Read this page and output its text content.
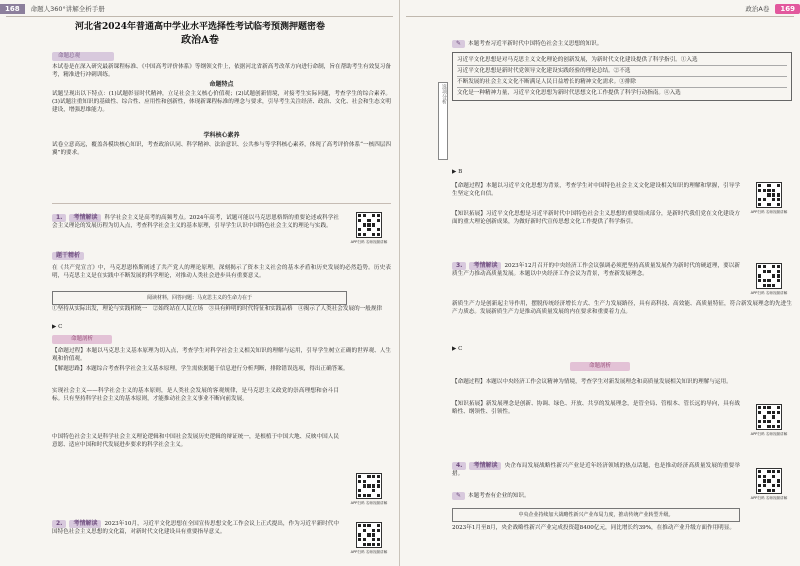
168	命题人360°讲解全析手册
河北省2024年普通高中学业水平选择性考试临考预测押题密卷
政治A卷
命题总观
本试卷是在深入研究最新课程标准、《中国高考评价体系》等纲领文件上，依据河北省新高考改革方向进行命制，旨在帮助考生有效复习备考，精准进行冲刺训练。
命题特点
试题呈现出以下特点：(1)试题彰显时代精神，立足社会主义核心价值观；(2)试题创新情境，对接考生实际问题，考查学生的综合素养。(3)试题注重知识的基础性、综合性、应用性和创新性，体现新课程标准的理念与要求，引导考生关注经济、政治、文化、社会和生态文明建设，增强思维能力。
学科核心素养
试卷立意高远，覆盖各模块核心知识，考查政治认同、科学精神、法治意识、公共参与等学科核心素养，体现了高考评价体系“一核四层四翼”的要求。
1. 考情解读 科学社会主义是高考的高频考点。2024年高考，试题可能以马克思恩格斯的重要论述或科学社会主义理论的发展历程为切入点，考查科学社会主义的基本原理，引导学生认识中国特色社会主义的理论与实践。
APP扫码 名师视频讲解
题干精析
在《共产党宣言》中，马克思恩格斯阐述了共产党人的理论原理，深刻揭示了资本主义社会的基本矛盾和历史发展的必然趋势。历史表明，马克思主义是在实践中不断发展的科学理论，对推动人类社会进步具有重要意义。
阅读材料，回答问题：马克思主义的生命力在于
①坚持从实际出发，理论与实践相统一　②始终站在人民立场　③具有鲜明的时代特征和实践品格　④揭示了人类社会发展的一般规律
▶ C
命题剖析
【命题过程】本题以马克思主义基本原理为切入点，考查学生对科学社会主义相关知识的理解与运用，引导学生树立正确的世界观、人生观和价值观。
【解题思路】本题综合考查科学社会主义基本原理，学生需依据题干信息进行分析判断，排除错误选项，得出正确答案。
实现社会主义——科学社会主义的基本原则，是人类社会发展的客观规律，是马克思主义政党的崇高理想和奋斗目标。只有坚持科学社会主义的基本原则，才能推动社会主义事业不断向前发展。
中国特色社会主义是科学社会主义理论逻辑和中国社会发展历史逻辑的辩证统一，是根植于中国大地、反映中国人民意愿、适应中国和时代发展进步要求的科学社会主义。
APP扫码 名师视频讲解
2. 考情解读 2023年10月，习近平文化思想在全国宣传思想文化工作会议上正式提出，作为习近平新时代中国特色社会主义思想的文化篇，对新时代文化建设具有重要指导意义。
APP扫码 名师视频讲解
政治A卷	169
✎ 本题考查习近平新时代中国特色社会主义思想的知识。
选项分析
习近平文化思想是对马克思主义文化理论的创新发展，为新时代文化建设提供了科学指引。①入选
习近平文化思想是新时代党领导文化建设实践经验的理论总结。②不选
不断发展的社会主义文化不断满足人民日益增长的精神文化需求。③排除
文化是一种精神力量，习近平文化思想为新时代思想文化工作提供了科学行动指南。④入选
▶ B
【命题过程】本题以习近平文化思想为背景，考查学生对中国特色社会主义文化建设相关知识的理解和掌握，引导学生坚定文化自信。
APP扫码 名师视频讲解
【知识拓展】习近平文化思想是习近平新时代中国特色社会主义思想的重要组成部分，是新时代我们党在文化建设方面的重大理论创新成果，为做好新时代宣传思想文化工作提供了科学指引。
3. 考情解读 2023年12月召开的中央经济工作会议强调必须把坚持高质量发展作为新时代的硬道理，要以新质生产力推动高质量发展。本题以中央经济工作会议为背景，考查新发展理念。
APP扫码 名师视频讲解
新质生产力是创新起主导作用，摆脱传统经济增长方式、生产力发展路径，具有高科技、高效能、高质量特征，符合新发展理念的先进生产力质态。发展新质生产力是推动高质量发展的内在要求和重要着力点。
▶ C
命题剖析
【命题过程】本题以中央经济工作会议精神为情境，考查学生对新发展理念和高质量发展相关知识的理解与运用。
【知识拓展】新发展理念是创新、协调、绿色、开放、共享的发展理念，是管全局、管根本、管长远的导向，具有战略性、纲领性、引领性。
APP扫码 名师视频讲解
4. 考情解读 央企布局发展战略性新兴产业是近年经济领域的热点话题，也是推动经济高质量发展的重要举措。
✎ 本题考查有企业的知识。
中央企业持续加大战略性新兴产业布局力度，推动传统产业转型升级。
2023年1月至8月，央企战略性新兴产业完成投资超8400亿元，同比增长约39%，在推动产业升级方面作用明显。
APP扫码 名师视频讲解
